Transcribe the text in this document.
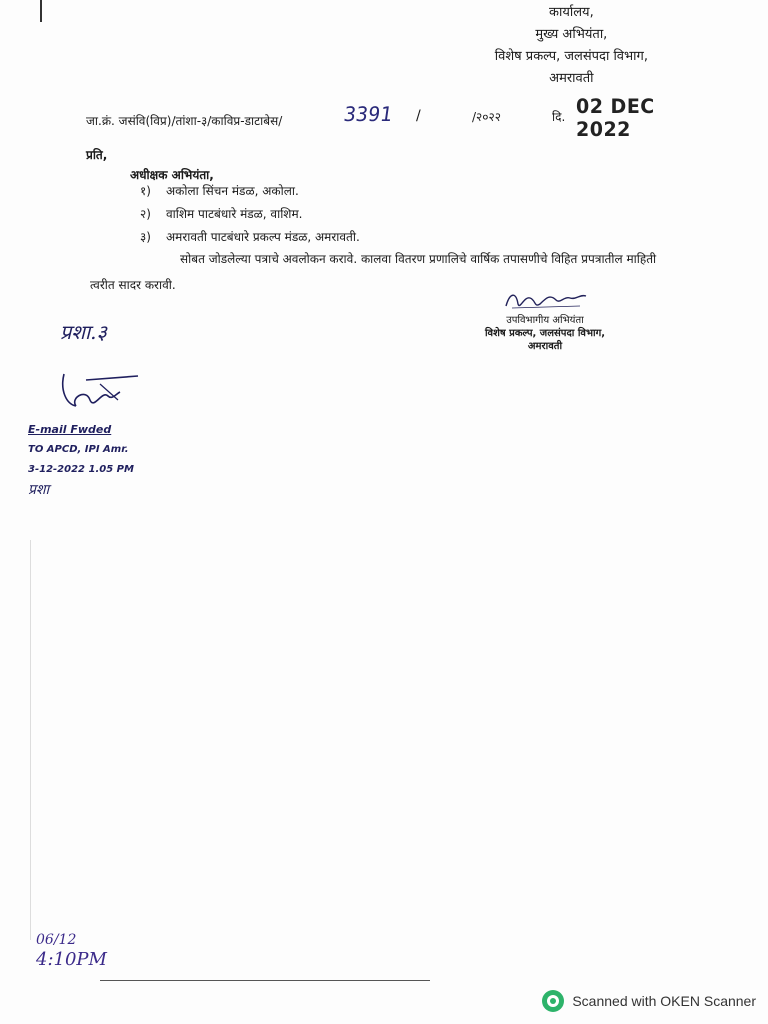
कार्यालय,
मुख्य अभियंता,
विशेष प्रकल्प, जलसंपदा विभाग,
अमरावती
जा.क्रं. जसंवि(विप्र)/तांशा-३/काविप्र-डाटाबेस/	3391 /	/२०२२	दि. 02 DEC 2022
प्रति,
अधीक्षक अभियंता,
१)	अकोला सिंचन मंडळ, अकोला.
२)	वाशिम पाटबंधारे मंडळ, वाशिम.
३)	अमरावती पाटबंधारे प्रकल्प मंडळ, अमरावती.
सोबत जोडलेल्या पत्राचे अवलोकन करावे. कालवा वितरण प्रणालिचे वार्षिक तपासणीचे विहित प्रपत्रातील माहिती त्वरीत सादर करावी.
उपविभागीय अभियंता
विशेष प्रकल्प, जलसंपदा विभाग,
अमरावती
प्रशा.३
E-mail Fwded
TO APCD, IPI Amr.
3-12-2022 1.05 PM
प्रशा
06/12
4:10PM
Scanned with OKEN Scanner
